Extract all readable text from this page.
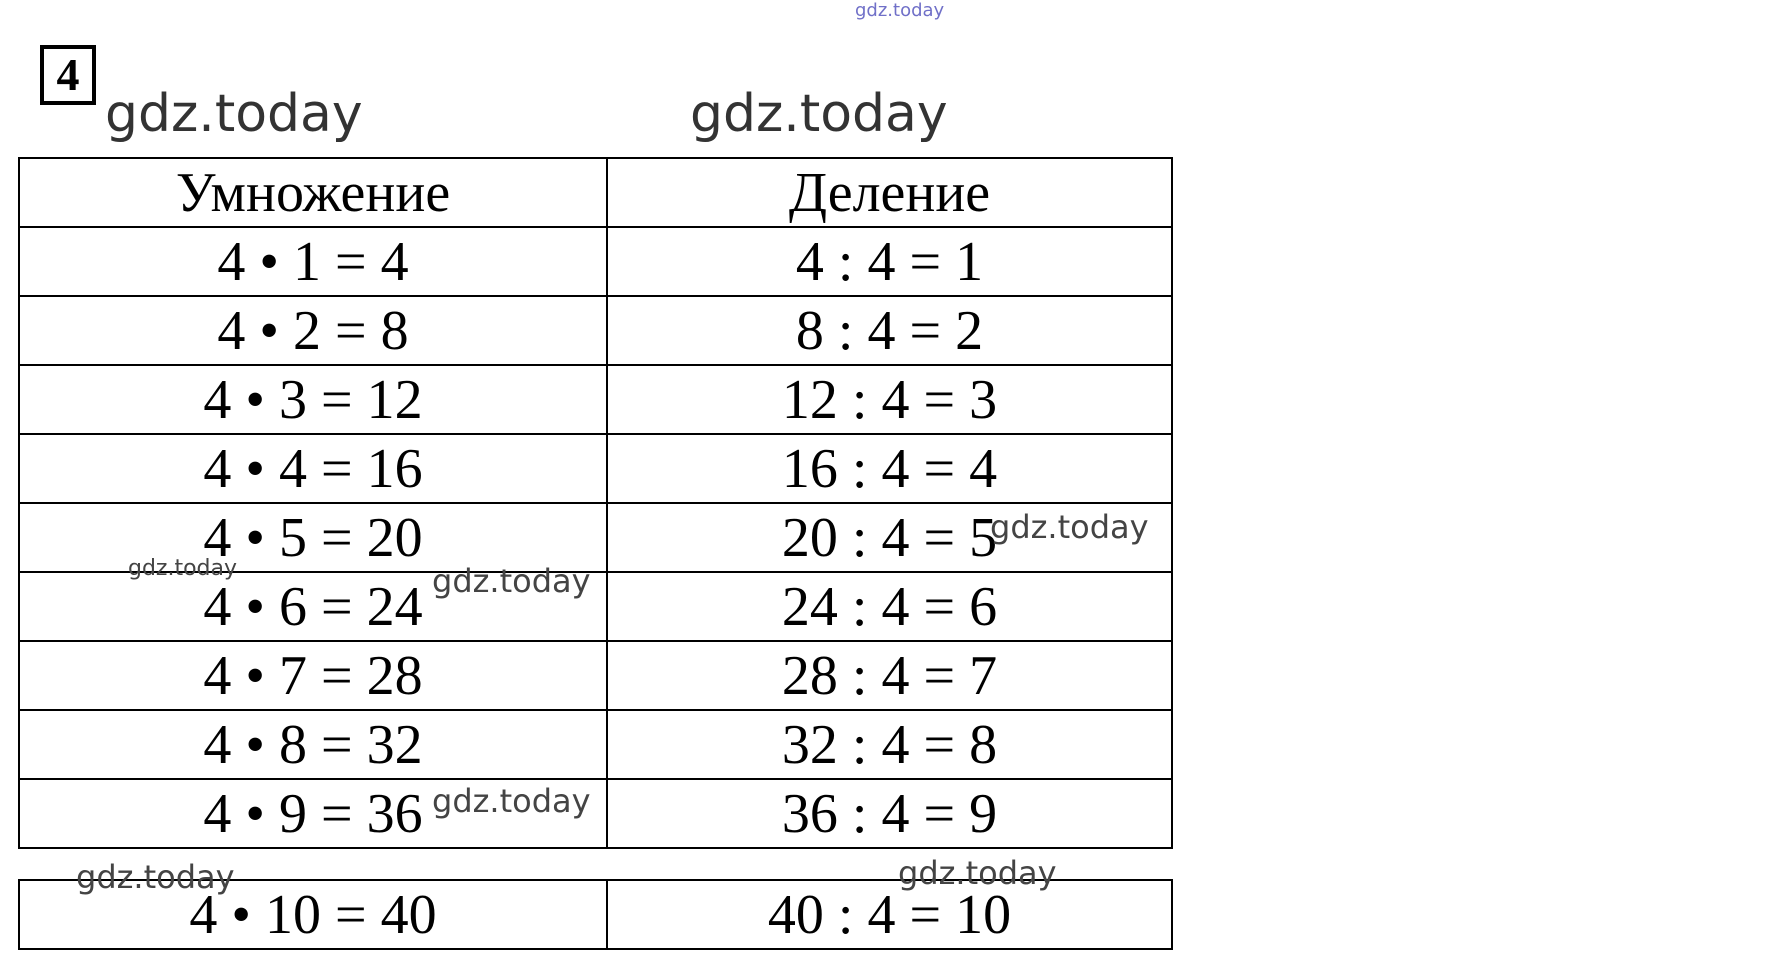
gdz.today
4
gdz.today	gdz.today
Умножение	Деление
4 • 1 = 4	4 : 4 = 1
4 • 2 = 8	8 : 4 = 2
4 • 3 = 12	12 : 4 = 3
4 • 4 = 16	16 : 4 = 4
4 • 5 = 20	20 : 4 = 5
4 • 6 = 24	24 : 4 = 6
4 • 7 = 28	28 : 4 = 7
4 • 8 = 32	32 : 4 = 8
4 • 9 = 36	36 : 4 = 9
4 • 10 = 40	40 : 4 = 10
gdz.today	gdz.today
gdz.today
gdz.today
gdz.today	gdz.today
